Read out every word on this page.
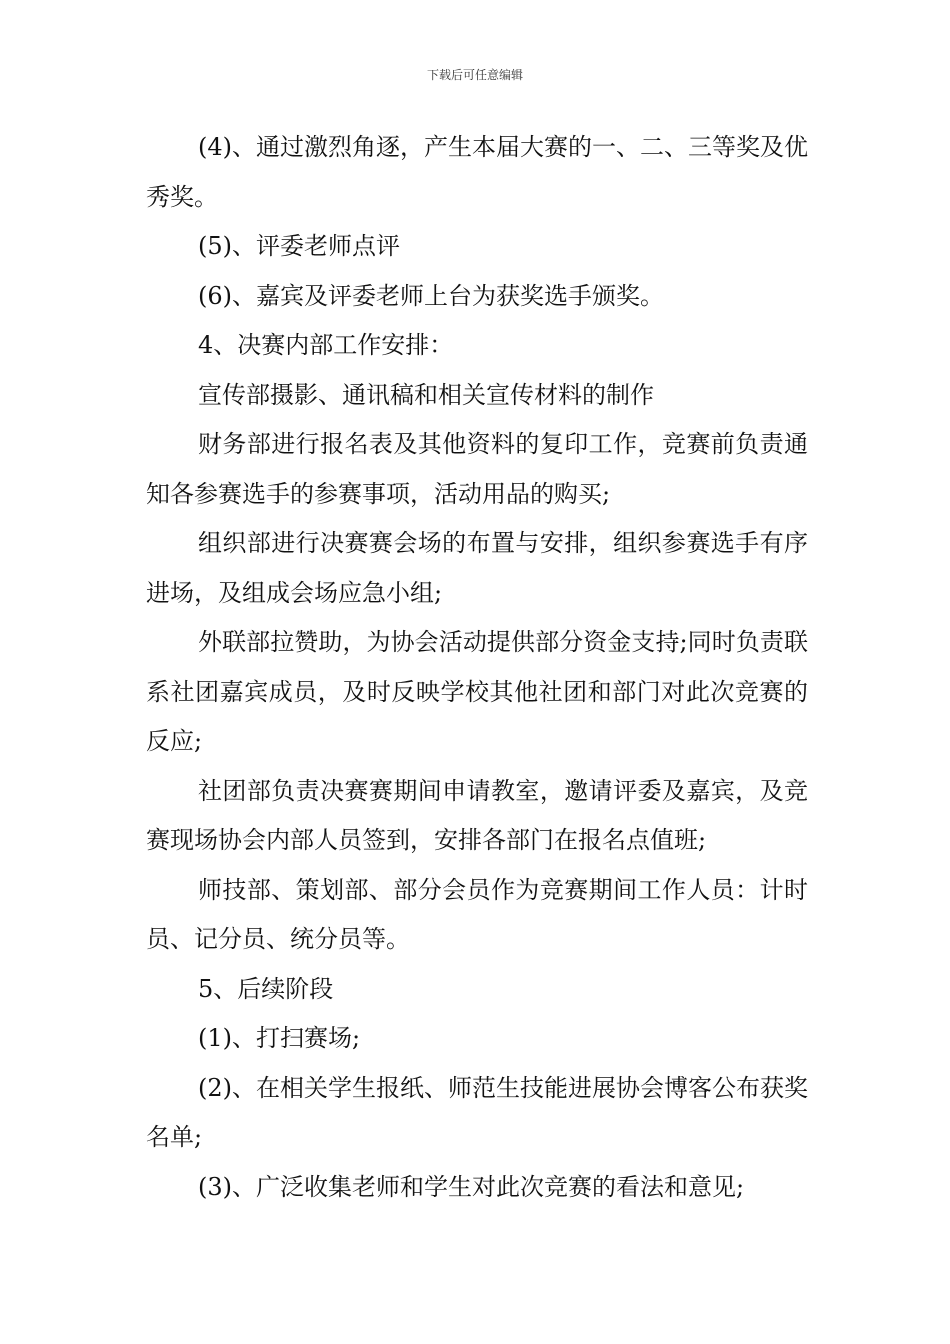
下载后可任意编辑

(4)、通过激烈角逐，产生本届大赛的一、二、三等奖及优秀奖。

(5)、评委老师点评

(6)、嘉宾及评委老师上台为获奖选手颁奖。

4、决赛内部工作安排：

宣传部摄影、通讯稿和相关宣传材料的制作

财务部进行报名表及其他资料的复印工作，竞赛前负责通知各参赛选手的参赛事项，活动用品的购买;

组织部进行决赛赛会场的布置与安排，组织参赛选手有序进场，及组成会场应急小组;

外联部拉赞助，为协会活动提供部分资金支持;同时负责联系社团嘉宾成员，及时反映学校其他社团和部门对此次竞赛的反应;

社团部负责决赛赛期间申请教室，邀请评委及嘉宾，及竞赛现场协会内部人员签到，安排各部门在报名点值班;

师技部、策划部、部分会员作为竞赛期间工作人员：计时员、记分员、统分员等。

5、后续阶段

(1)、打扫赛场;

(2)、在相关学生报纸、师范生技能进展协会博客公布获奖名单;

(3)、广泛收集老师和学生对此次竞赛的看法和意见;
